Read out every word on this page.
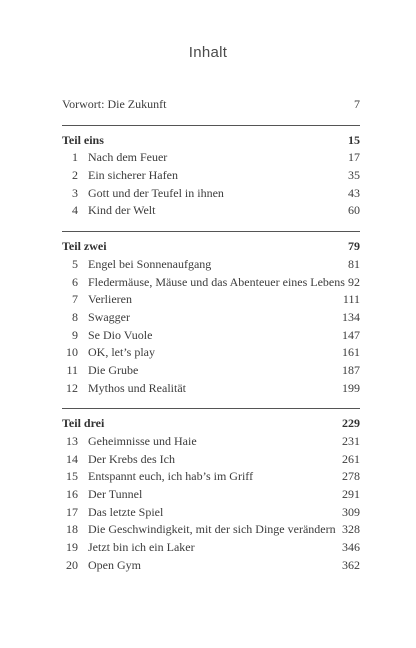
Inhalt
Vorwort: Die Zukunft	7
Teil eins	15
1 Nach dem Feuer	17
2 Ein sicherer Hafen	35
3 Gott und der Teufel in ihnen	43
4 Kind der Welt	60
Teil zwei	79
5 Engel bei Sonnenaufgang	81
6 Fledermäuse, Mäuse und das Abenteuer eines Lebens 92
7 Verlieren	111
8 Swagger	134
9 Se Dio Vuole	147
10 OK, let’s play	161
11 Die Grube	187
12 Mythos und Realität	199
Teil drei	229
13 Geheimnisse und Haie	231
14 Der Krebs des Ich	261
15 Entspannt euch, ich hab’s im Griff	278
16 Der Tunnel	291
17 Das letzte Spiel	309
18 Die Geschwindigkeit, mit der sich Dinge verändern 328
19 Jetzt bin ich ein Laker	346
20 Open Gym	362
